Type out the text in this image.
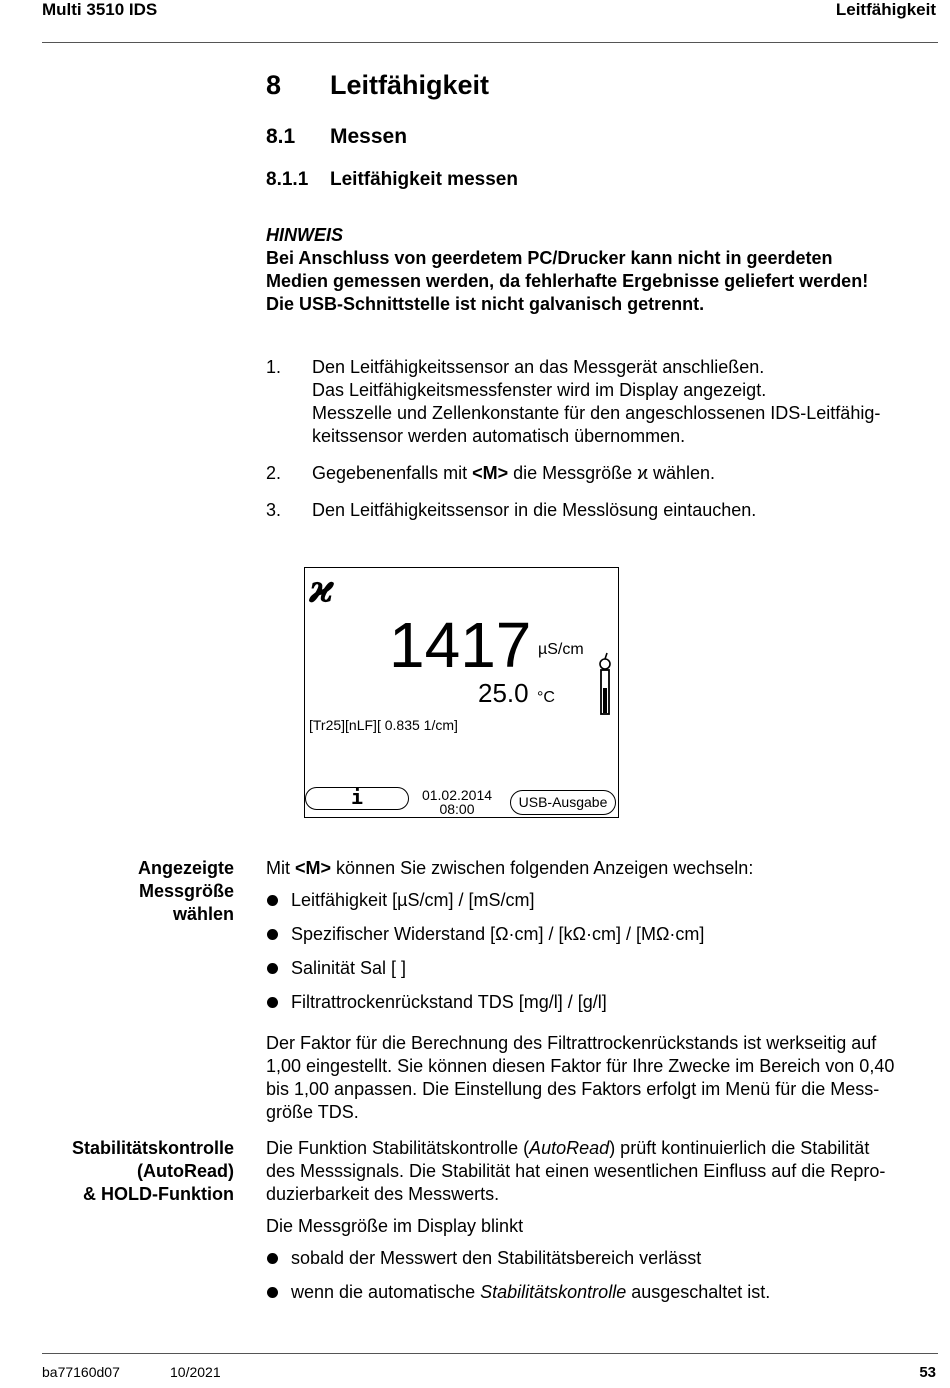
Multi 3510 IDS	Leitfähigkeit
8 Leitfähigkeit
8.1 Messen
8.1.1 Leitfähigkeit messen
HINWEIS
Bei Anschluss von geerdetem PC/Drucker kann nicht in geerdeten
Medien gemessen werden, da fehlerhafte Ergebnisse geliefert werden!
Die USB-Schnittstelle ist nicht galvanisch getrennt.
1. Den Leitfähigkeitssensor an das Messgerät anschließen.
Das Leitfähigkeitsmessfenster wird im Display angezeigt.
Messzelle und Zellenkonstante für den angeschlossenen IDS-Leitfähig-
keitssensor werden automatisch übernommen.
2. Gegebenenfalls mit <M> die Messgröße ϰ wählen.
3. Den Leitfähigkeitssensor in die Messlösung eintauchen.
ϰ
1417 µS/cm
25.0 °C
[Tr25][nLF][ 0.835 1/cm]
i	01.02.2014
08:00	USB-Ausgabe
Angezeigte
Messgröße
wählen
Mit <M> können Sie zwischen folgenden Anzeigen wechseln:
Leitfähigkeit [µS/cm] / [mS/cm]
Spezifischer Widerstand [Ω·cm] / [kΩ·cm] / [MΩ·cm]
Salinität Sal [ ]
Filtrattrockenrückstand TDS [mg/l] / [g/l]
Der Faktor für die Berechnung des Filtrattrockenrückstands ist werkseitig auf
1,00 eingestellt. Sie können diesen Faktor für Ihre Zwecke im Bereich von 0,40
bis 1,00 anpassen. Die Einstellung des Faktors erfolgt im Menü für die Mess-
größe TDS.
Stabilitätskontrolle
(AutoRead)
& HOLD-Funktion
Die Funktion Stabilitätskontrolle (AutoRead) prüft kontinuierlich die Stabilität
des Messsignals. Die Stabilität hat einen wesentlichen Einfluss auf die Repro-
duzierbarkeit des Messwerts.
Die Messgröße im Display blinkt
sobald der Messwert den Stabilitätsbereich verlässt
wenn die automatische Stabilitätskontrolle ausgeschaltet ist.
ba77160d07	10/2021	53
